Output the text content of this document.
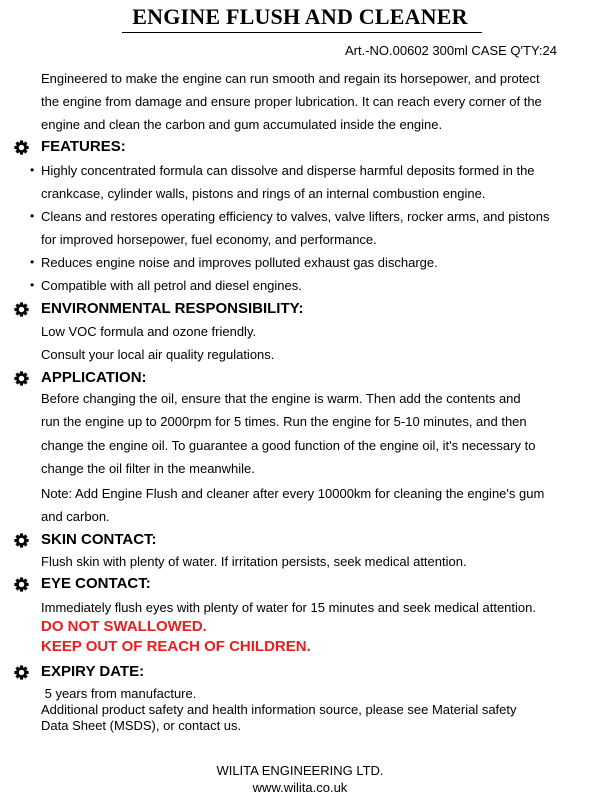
ENGINE FLUSH AND CLEANER
Art.-NO.00602 300ml CASE Q'TY:24
Engineered to make the engine can run smooth and regain its horsepower, and protect
the engine from damage and ensure proper lubrication. It can reach every corner of the
engine and clean the carbon and gum accumulated inside the engine.
FEATURES:
• Highly concentrated formula can dissolve and disperse harmful deposits formed in the
crankcase, cylinder walls, pistons and rings of an internal combustion engine.
• Cleans and restores operating efficiency to valves, valve lifters, rocker arms, and pistons
for improved horsepower, fuel economy, and performance.
• Reduces engine noise and improves polluted exhaust gas discharge.
• Compatible with all petrol and diesel engines.
ENVIRONMENTAL RESPONSIBILITY:
Low VOC formula and ozone friendly.
Consult your local air quality regulations.
APPLICATION:
Before changing the oil, ensure that the engine is warm. Then add the contents and
run the engine up to 2000rpm for 5 times. Run the engine for 5-10 minutes, and then
change the engine oil. To guarantee a good function of the engine oil, it's necessary to
change the oil filter in the meanwhile.
Note: Add Engine Flush and cleaner after every 10000km for cleaning the engine's gum
and carbon.
SKIN CONTACT:
Flush skin with plenty of water. If irritation persists, seek medical attention.
EYE CONTACT:
Immediately flush eyes with plenty of water for 15 minutes and seek medical attention.
DO NOT SWALLOWED.
KEEP OUT OF REACH OF CHILDREN.
EXPIRY DATE:
5 years from manufacture.
Additional product safety and health information source, please see Material safety
Data Sheet (MSDS), or contact us.
WILITA ENGINEERING LTD.
www.wilita.co.uk
